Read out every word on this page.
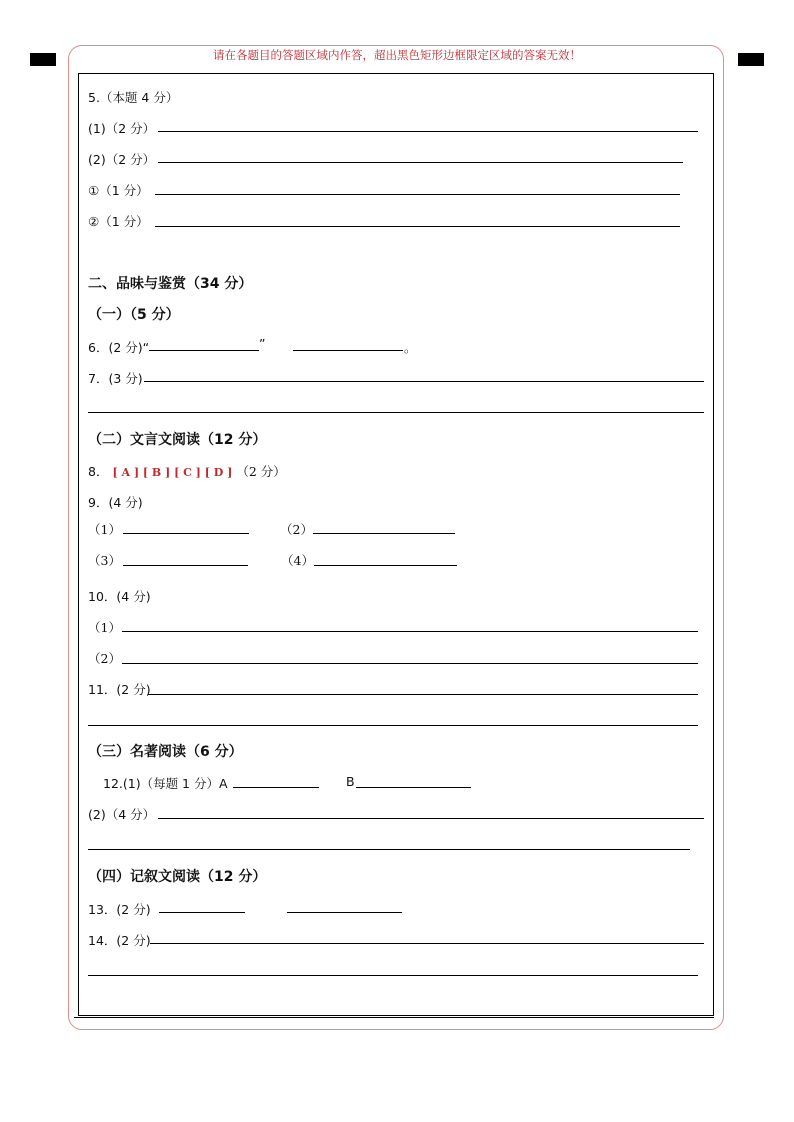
请在各题目的答题区域内作答，超出黑色矩形边框限定区域的答案无效！
5.（本题 4 分）
(1)（2 分）
(2)（2 分）
①（1 分）
②（1 分）
二、品味与鉴赏（34 分）
（一）（5 分）
6．(2 分)“	”	。
7．(3 分)
（二）文言文阅读（12 分）
8． [ A ] [ B ] [ C ] [ D ] （2 分）
9．(4 分)
（1）	（2）
（3）	（4）
10．(4 分)
（1）
（2）
11．(2 分)
（三）名著阅读（6 分）
12.(1)（每题 1 分）A	B
(2)（4 分）
（四）记叙文阅读（12 分）
13．(2 分)
14．(2 分)
